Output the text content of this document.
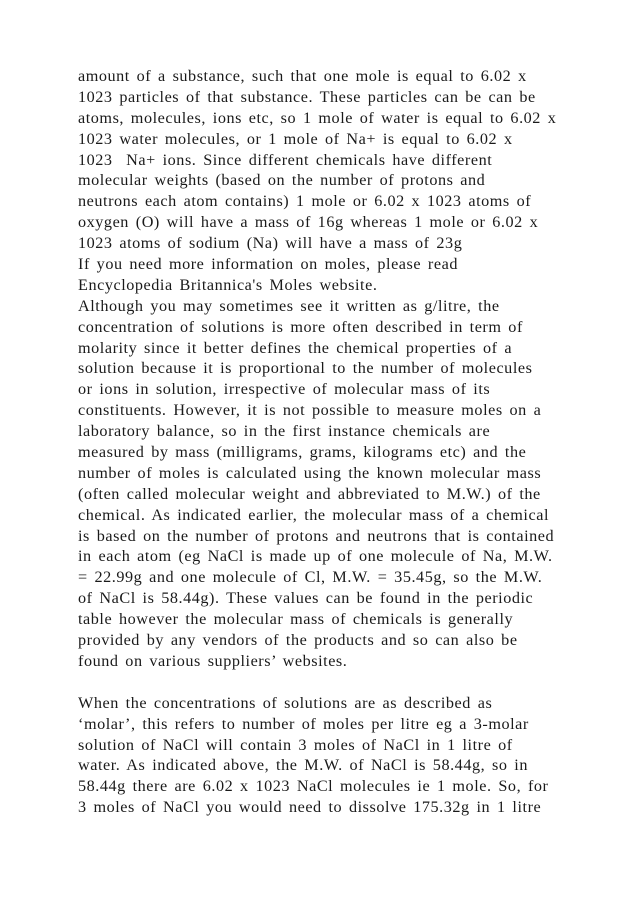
amount of a substance, such that one mole is equal to 6.02 x
1023 particles of that substance. These particles can be can be
atoms, molecules, ions etc, so 1 mole of water is equal to 6.02 x
1023 water molecules, or 1 mole of Na+ is equal to 6.02 x
1023  Na+ ions. Since different chemicals have different
molecular weights (based on the number of protons and
neutrons each atom contains) 1 mole or 6.02 x 1023 atoms of
oxygen (O) will have a mass of 16g whereas 1 mole or 6.02 x
1023 atoms of sodium (Na) will have a mass of 23g
If you need more information on moles, please read
Encyclopedia Britannica's Moles website.
Although you may sometimes see it written as g/litre, the
concentration of solutions is more often described in term of
molarity since it better defines the chemical properties of a
solution because it is proportional to the number of molecules
or ions in solution, irrespective of molecular mass of its
constituents. However, it is not possible to measure moles on a
laboratory balance, so in the first instance chemicals are
measured by mass (milligrams, grams, kilograms etc) and the
number of moles is calculated using the known molecular mass
(often called molecular weight and abbreviated to M.W.) of the
chemical. As indicated earlier, the molecular mass of a chemical
is based on the number of protons and neutrons that is contained
in each atom (eg NaCl is made up of one molecule of Na, M.W.
= 22.99g and one molecule of Cl, M.W. = 35.45g, so the M.W.
of NaCl is 58.44g). These values can be found in the periodic
table however the molecular mass of chemicals is generally
provided by any vendors of the products and so can also be
found on various suppliers’ websites.
When the concentrations of solutions are as described as
‘molar’, this refers to number of moles per litre eg a 3-molar
solution of NaCl will contain 3 moles of NaCl in 1 litre of
water. As indicated above, the M.W. of NaCl is 58.44g, so in
58.44g there are 6.02 x 1023 NaCl molecules ie 1 mole. So, for
3 moles of NaCl you would need to dissolve 175.32g in 1 litre
